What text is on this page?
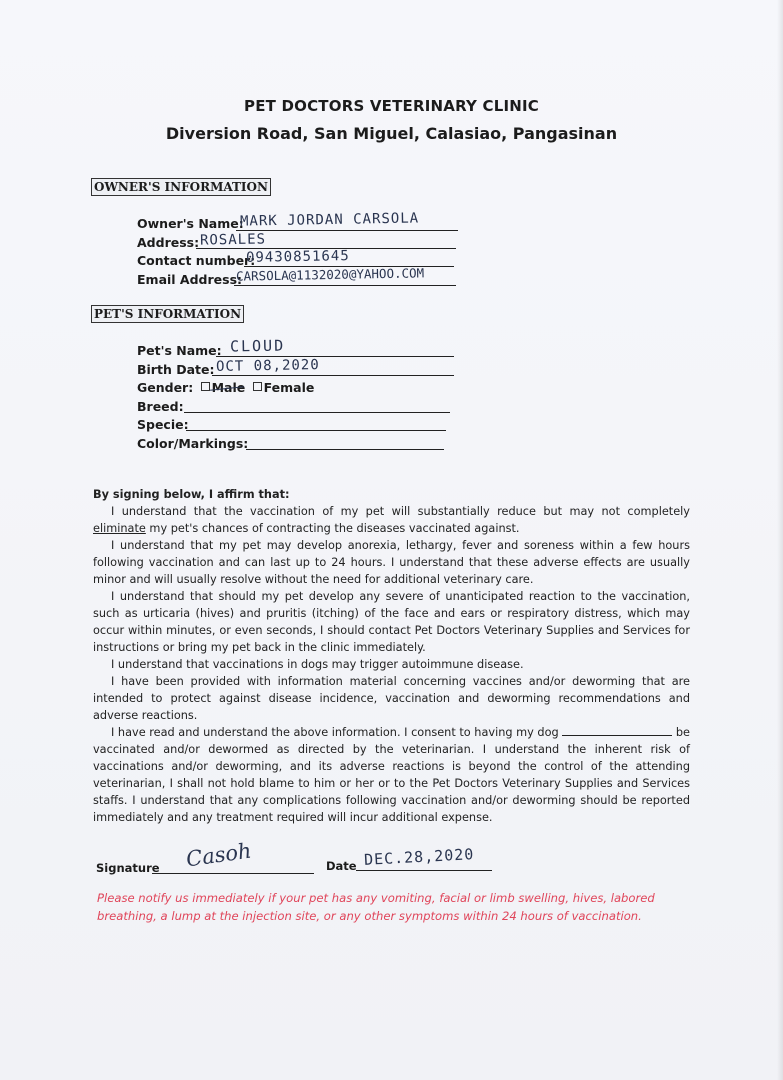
PET DOCTORS VETERINARY CLINIC
Diversion Road, San Miguel, Calasiao, Pangasinan
OWNER'S INFORMATION
Owner's Name:
MARK JORDAN CARSOLA
Address: ROSALES
Contact number:
09430851645
Email Address:
CARSOLA@1132020@YAHOO.COM
PET'S INFORMATION
Pet's Name: CLOUD
Birth Date: OCT 08,2020
Gender: Male Female
Breed:
Specie:
Color/Markings:
By signing below, I affirm that:

I understand that the vaccination of my pet will substantially reduce but may not completely eliminate my pet's chances of contracting the diseases vaccinated against.

I understand that my pet may develop anorexia, lethargy, fever and soreness within a few hours following vaccination and can last up to 24 hours. I understand that these adverse effects are usually minor and will usually resolve without the need for additional veterinary care.

I understand that should my pet develop any severe of unanticipated reaction to the vaccination, such as urticaria (hives) and pruritis (itching) of the face and ears or respiratory distress, which may occur within minutes, or even seconds, I should contact Pet Doctors Veterinary Supplies and Services for instructions or bring my pet back in the clinic immediately.

I understand that vaccinations in dogs may trigger autoimmune disease.

I have been provided with information material concerning vaccines and/or deworming that are intended to protect against disease incidence, vaccination and deworming recommendations and adverse reactions.

I have read and understand the above information. I consent to having my dog	be vaccinated and/or dewormed as directed by the veterinarian. I understand the inherent risk of vaccinations and/or deworming, and its adverse reactions is beyond the control of the attending veterinarian, I shall not hold blame to him or her or to the Pet Doctors Veterinary Supplies and Services staffs. I understand that any complications following vaccination and/or deworming should be reported immediately and any treatment required will incur additional expense.

Signature Casoh	Date DEC.28,2020
Please notify us immediately if your pet has any vomiting, facial or limb swelling, hives, labored breathing, a lump at the injection site, or any other symptoms within 24 hours of vaccination.
